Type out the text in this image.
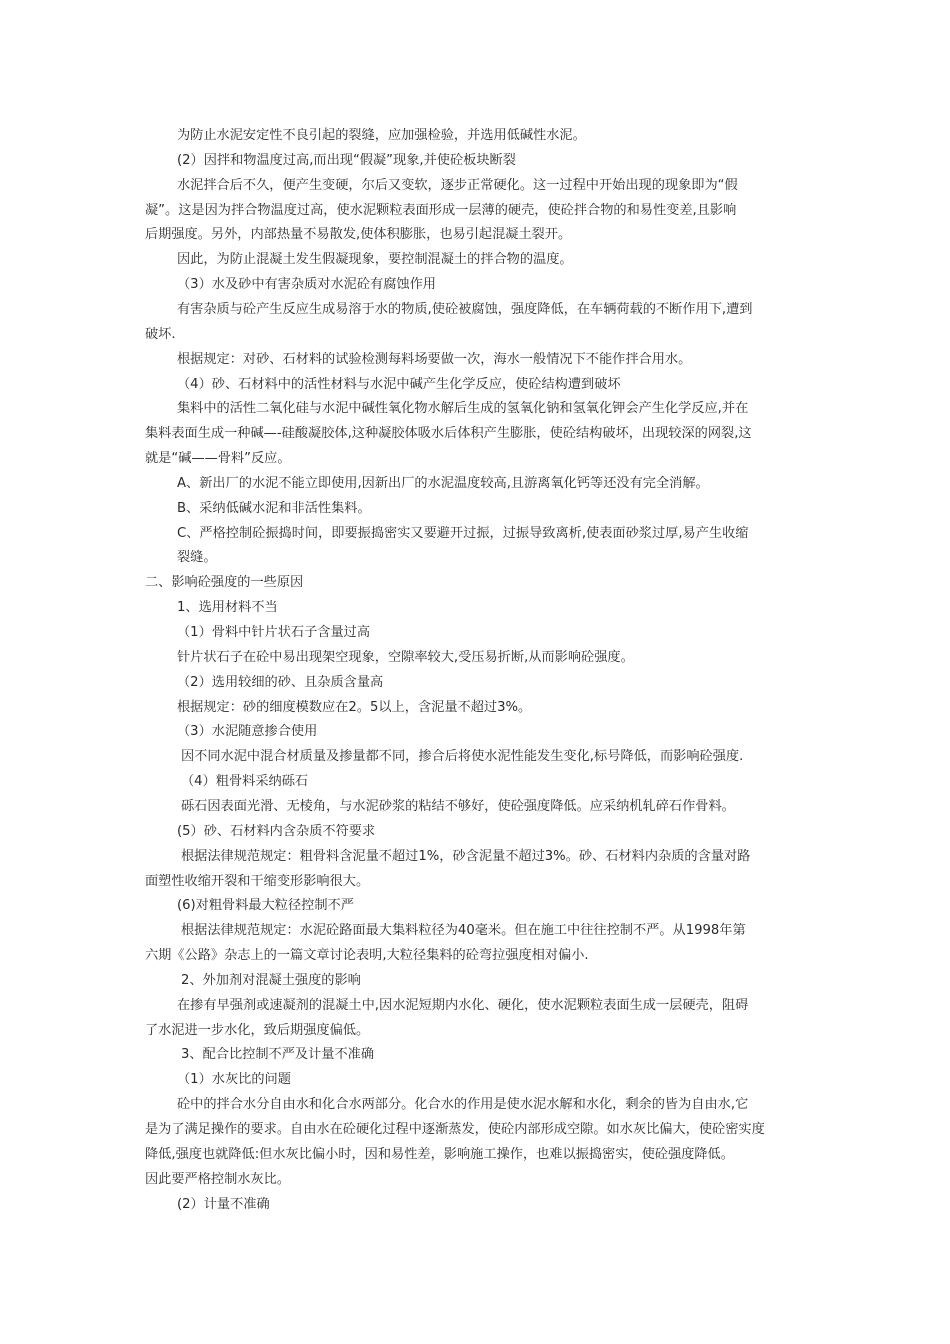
为防止水泥安定性不良引起的裂缝，应加强检验，并选用低碱性水泥。
(2）因拌和物温度过高,而出现“假凝”现象,并使砼板块断裂
水泥拌合后不久，便产生变硬，尔后又变软，逐步正常硬化。这一过程中开始出现的现象即为“假
凝”。这是因为拌合物温度过高，使水泥颗粒表面形成一层薄的硬壳，使砼拌合物的和易性变差,且影响
后期强度。另外，内部热量不易散发,使体积膨胀，也易引起混凝土裂开。
因此，为防止混凝土发生假凝现象，要控制混凝土的拌合物的温度。
（3）水及砂中有害杂质对水泥砼有腐蚀作用
有害杂质与砼产生反应生成易溶于水的物质,使砼被腐蚀，强度降低，在车辆荷载的不断作用下,遭到
破坏.
根据规定：对砂、石材料的试验检测每料场要做一次，海水一般情况下不能作拌合用水。
（4）砂、石材料中的活性材料与水泥中碱产生化学反应，使砼结构遭到破坏
集料中的活性二氧化硅与水泥中碱性氧化物水解后生成的氢氧化钠和氢氧化钾会产生化学反应,并在
集料表面生成一种碱—-硅酸凝胶体,这种凝胶体吸水后体积产生膨胀，使砼结构破坏，出现较深的网裂,这
就是“碱——骨料”反应。
A、新出厂的水泥不能立即使用,因新出厂的水泥温度较高,且游离氧化钙等还没有完全消解。
B、采纳低碱水泥和非活性集料。
C、严格控制砼振捣时间，即要振捣密实又要避开过振，过振导致离析,使表面砂浆过厚,易产生收缩
裂缝。
二、影响砼强度的一些原因
1、选用材料不当
（1）骨料中针片状石子含量过高
针片状石子在砼中易出现架空现象，空隙率较大,受压易折断,从而影响砼强度。
（2）选用较细的砂、且杂质含量高
根据规定：砂的细度模数应在2。5以上，含泥量不超过3%。
（3）水泥随意掺合使用
因不同水泥中混合材质量及掺量都不同，掺合后将使水泥性能发生变化,标号降低，而影响砼强度.
（4）粗骨料采纳砾石
砾石因表面光滑、无棱角，与水泥砂浆的粘结不够好，使砼强度降低。应采纳机轧碎石作骨料。
(5）砂、石材料内含杂质不符要求
根据法律规范规定：粗骨料含泥量不超过1%，砂含泥量不超过3%。砂、石材料内杂质的含量对路
面塑性收缩开裂和干缩变形影响很大。
(6)对粗骨料最大粒径控制不严
根据法律规范规定：水泥砼路面最大集料粒径为40毫米。但在施工中往往控制不严。从1998年第
六期《公路》杂志上的一篇文章讨论表明,大粒径集料的砼弯拉强度相对偏小.
2、外加剂对混凝土强度的影响
在掺有早强剂或速凝剂的混凝土中,因水泥短期内水化、硬化，使水泥颗粒表面生成一层硬壳，阻碍
了水泥进一步水化，致后期强度偏低。
3、配合比控制不严及计量不准确
（1）水灰比的问题
砼中的拌合水分自由水和化合水两部分。化合水的作用是使水泥水解和水化，剩余的皆为自由水,它
是为了满足操作的要求。自由水在砼硬化过程中逐渐蒸发，使砼内部形成空隙。如水灰比偏大，使砼密实度
降低,强度也就降低:但水灰比偏小时，因和易性差，影响施工操作，也难以振捣密实，使砼强度降低。
因此要严格控制水灰比。
(2）计量不准确
